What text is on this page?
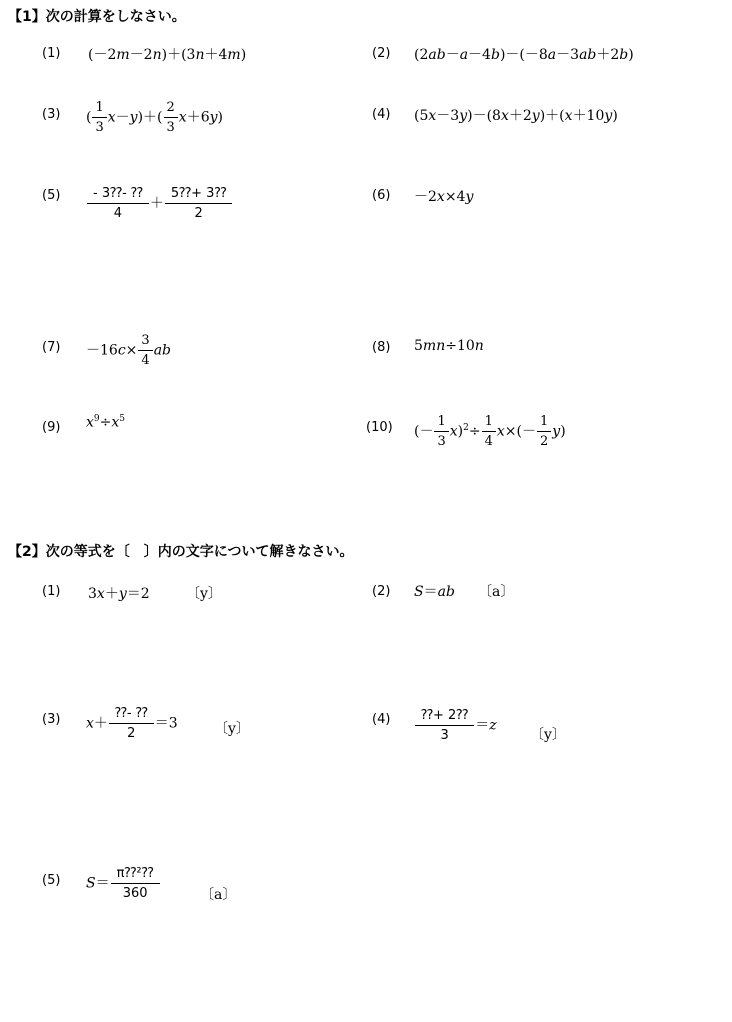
【1】次の計算をしなさい。
(1) (－2m－2n)＋(3n＋4m)	(2) (2ab－a－4b)－(－8a－3ab＋2b)
(3) ( $\frac{1}{3} x-y)+( \frac{2}{3} x+6y)$	(4) (5x－3y)－(8x＋2y)＋(x＋10y)
$(5) \frac{- 3⁇- ⁇}{4} + \frac{5⁇+ 3⁇}{2}$	(6) －2x×4y
$(7) -16c\times \frac{3}{4}$ ab	(8) 5mn÷10n
(9) $x^9\div x^5$
(10) (－ $\frac{1}{3} x)^2\div \frac{1}{4} x\times(- \frac{1}{2} y)$
【2】次の等式を〔　〕内の文字について解きなさい。
(1) 3x＋y＝2	〔y〕	(2) S＝ab 〔a〕
(3) $x+ \frac{⁇- ⁇}{2} =3$	〔y〕
$(4) \frac{⁇+ 2⁇}{3} =z$
〔y〕
(5) $S= \frac{\text{π⁇²⁇}}{360}$	〔a〕
